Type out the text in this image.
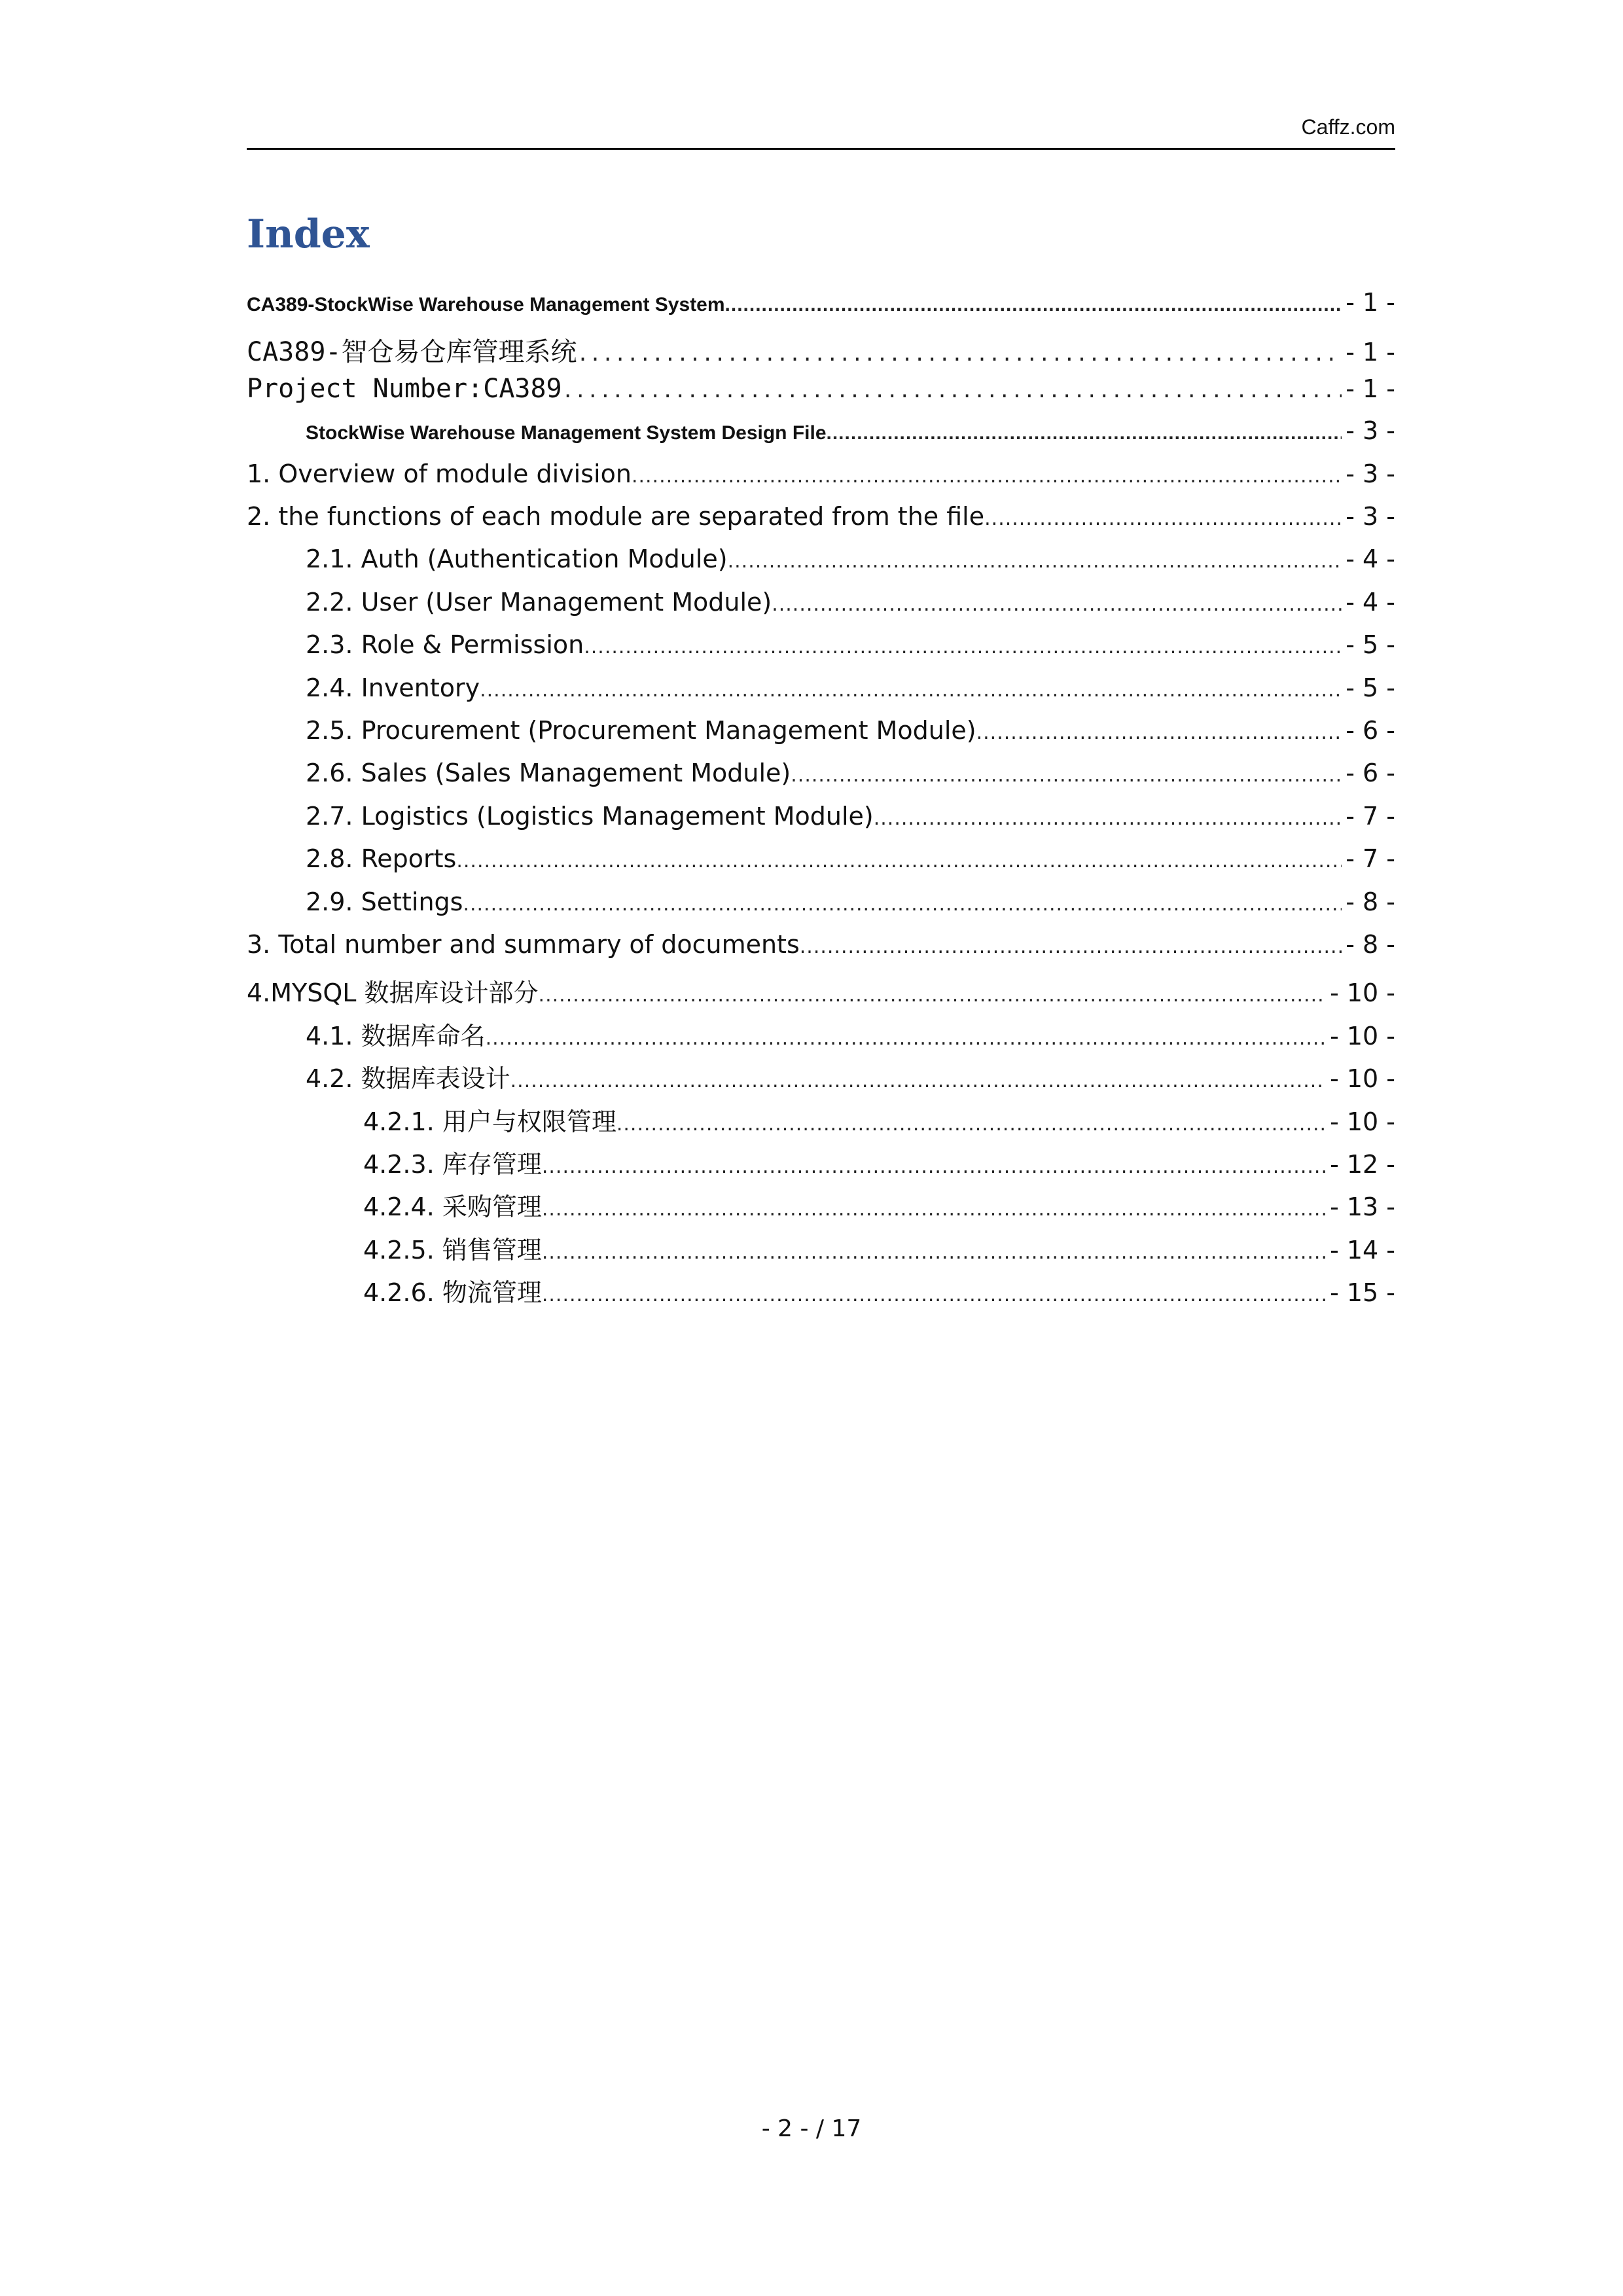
Caffz.com
Index
CA389-StockWise Warehouse Management System .....	- 1 -
CA389-智仓易仓库管理系统 .....	- 1 -
Project Number:CA389 .....	- 1 -
StockWise Warehouse Management System Design File .....	- 3 -
1. Overview of module division .....	- 3 -
2. the functions of each module are separated from the file .....	- 3 -
2.1. Auth (Authentication Module) .....	- 4 -
2.2. User (User Management Module) .....	- 4 -
2.3. Role & Permission .....	- 5 -
2.4. Inventory .....	- 5 -
2.5. Procurement (Procurement Management Module) .....	- 6 -
2.6. Sales (Sales Management Module) .....	- 6 -
2.7. Logistics (Logistics Management Module) .....	- 7 -
2.8. Reports .....	- 7 -
2.9. Settings .....	- 8 -
3. Total number and summary of documents .....	- 8 -
4.MYSQL 数据库设计部分 .....	- 10 -
4.1. 数据库命名 .....	- 10 -
4.2. 数据库表设计 .....	- 10 -
4.2.1. 用户与权限管理 .....	- 10 -
4.2.3. 库存管理 .....	- 12 -
4.2.4. 采购管理 .....	- 13 -
4.2.5. 销售管理 .....	- 14 -
4.2.6. 物流管理 .....	- 15 -
- 2 - / 17
